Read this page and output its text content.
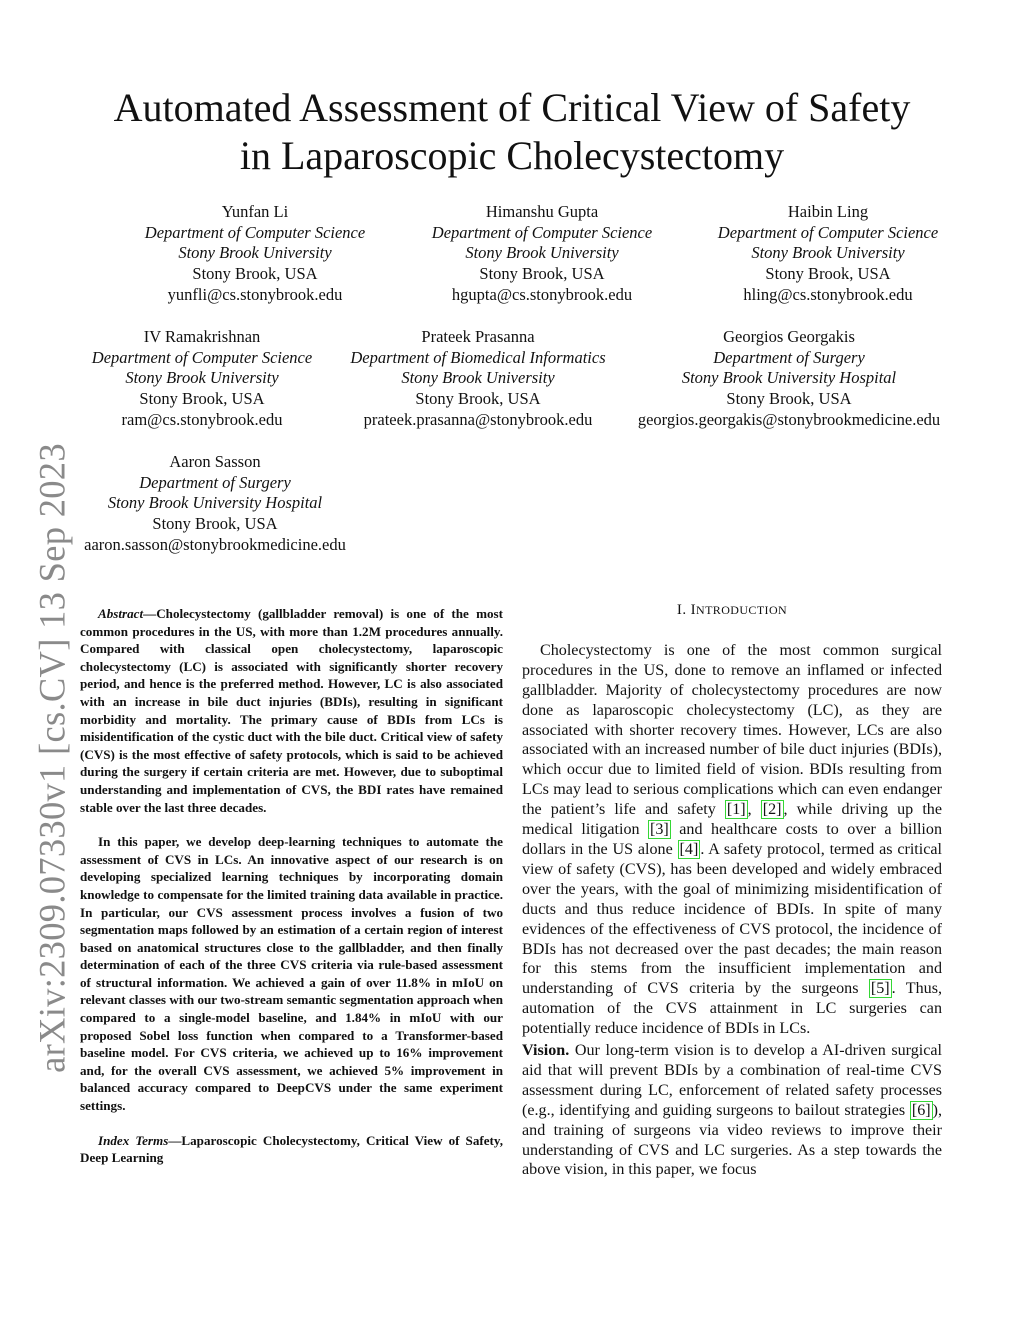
arXiv:2309.07330v1 [cs.CV] 13 Sep 2023
Automated Assessment of Critical View of Safety
in Laparoscopic Cholecystectomy
Yunfan Li
Department of Computer Science
Stony Brook University
Stony Brook, USA
yunfli@cs.stonybrook.edu
Himanshu Gupta
Department of Computer Science
Stony Brook University
Stony Brook, USA
hgupta@cs.stonybrook.edu
Haibin Ling
Department of Computer Science
Stony Brook University
Stony Brook, USA
hling@cs.stonybrook.edu
IV Ramakrishnan
Department of Computer Science
Stony Brook University
Stony Brook, USA
ram@cs.stonybrook.edu
Prateek Prasanna
Department of Biomedical Informatics
Stony Brook University
Stony Brook, USA
prateek.prasanna@stonybrook.edu
Georgios Georgakis
Department of Surgery
Stony Brook University Hospital
Stony Brook, USA
georgios.georgakis@stonybrookmedicine.edu
Aaron Sasson
Department of Surgery
Stony Brook University Hospital
Stony Brook, USA
aaron.sasson@stonybrookmedicine.edu

Abstract—Cholecystectomy (gallbladder removal) is one of the most common procedures in the US, with more than 1.2M procedures annually. Compared with classical open cholecystectomy, laparoscopic cholecystectomy (LC) is associated with significantly shorter recovery period, and hence is the preferred method. However, LC is also associated with an increase in bile duct injuries (BDIs), resulting in significant morbidity and mortality. The primary cause of BDIs from LCs is misidentification of the cystic duct with the bile duct. Critical view of safety (CVS) is the most effective of safety protocols, which is said to be achieved during the surgery if certain criteria are met. However, due to suboptimal understanding and implementation of CVS, the BDI rates have remained stable over the last three decades.

In this paper, we develop deep-learning techniques to automate the assessment of CVS in LCs. An innovative aspect of our research is on developing specialized learning techniques by incorporating domain knowledge to compensate for the limited training data available in practice. In particular, our CVS assessment process involves a fusion of two segmentation maps followed by an estimation of a certain region of interest based on anatomical structures close to the gallbladder, and then finally determination of each of the three CVS criteria via rule-based assessment of structural information. We achieved a gain of over 11.8% in mIoU on relevant classes with our two-stream semantic segmentation approach when compared to a single-model baseline, and 1.84% in mIoU with our proposed Sobel loss function when compared to a Transformer-based baseline model. For CVS criteria, we achieved up to 16% improvement and, for the overall CVS assessment, we achieved 5% improvement in balanced accuracy compared to DeepCVS under the same experiment settings.

Index Terms—Laparoscopic Cholecystectomy, Critical View of Safety, Deep Learning

I. INTRODUCTION

Cholecystectomy is one of the most common surgical procedures in the US, done to remove an inflamed or infected gallbladder. Majority of cholecystectomy procedures are now done as laparoscopic cholecystectomy (LC), as they are associated with shorter recovery times. However, LCs are also associated with an increased number of bile duct injuries (BDIs), which occur due to limited field of vision. BDIs resulting from LCs may lead to serious complications which can even endanger the patient’s life and safety [1] , [2] , while driving up the medical litigation [3] and healthcare costs to over a billion dollars in the US alone [4] . A safety protocol, termed as critical view of safety (CVS), has been developed and widely embraced over the years, with the goal of minimizing misidentification of ducts and thus reduce incidence of BDIs. In spite of many evidences of the effectiveness of CVS protocol, the incidence of BDIs has not decreased over the past decades; the main reason for this stems from the insufficient implementation and understanding of CVS criteria by the surgeons [5] . Thus, automation of the CVS attainment in LC surgeries can potentially reduce incidence of BDIs in LCs.

Vision. Our long-term vision is to develop a AI-driven surgical aid that will prevent BDIs by a combination of real-time CVS assessment during LC, enforcement of related safety processes (e.g., identifying and guiding surgeons to bailout strategies [6] ), and training of surgeons via video reviews to improve their understanding of CVS and LC surgeries. As a step towards the above vision, in this paper, we focus
